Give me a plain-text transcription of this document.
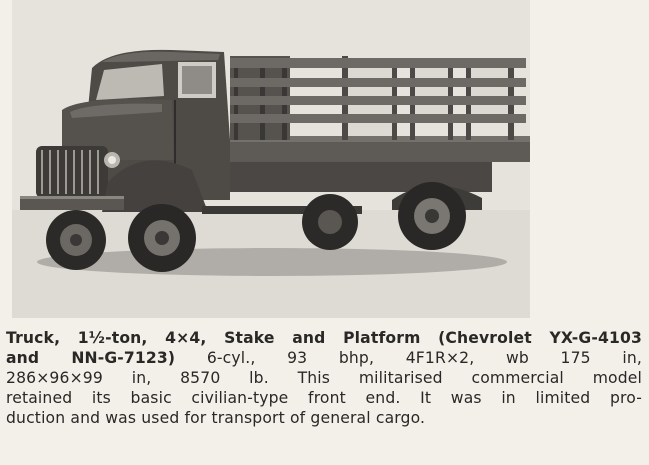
Truck, 1½-ton, 4×4, Stake and Platform (Chevrolet YX-G-4103
and NN-G-7123) 6-cyl., 93 bhp, 4F1R×2, wb 175 in,
286×96×99 in, 8570 lb. This militarised commercial model
retained its basic civilian-type front end. It was in limited pro-
duction and was used for transport of general cargo.
